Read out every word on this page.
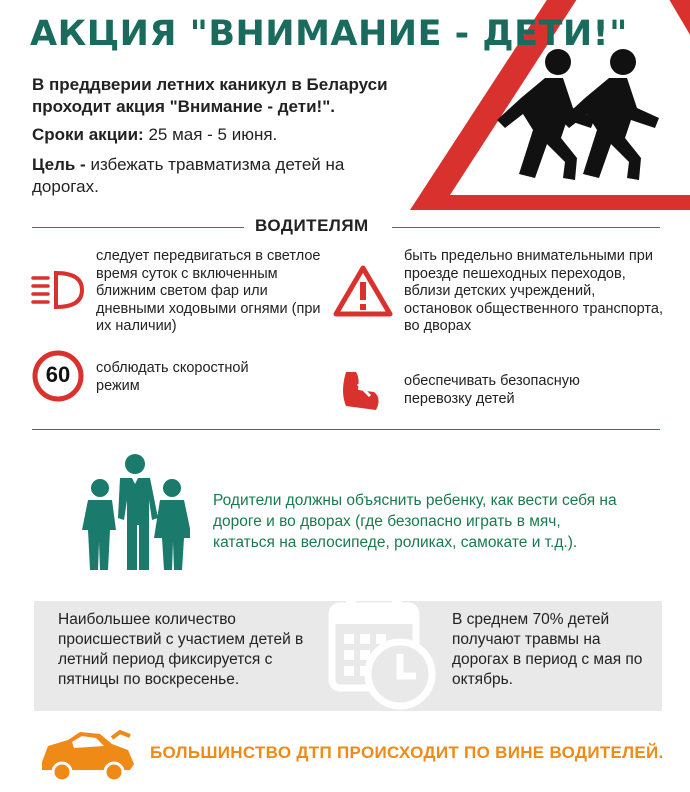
АКЦИЯ "ВНИМАНИЕ - ДЕТИ!"
В преддверии летних каникул в Беларуси проходит акция "Внимание - дети!".
Сроки акции: 25 мая - 5 июня.
Цель - избежать травматизма детей на дорогах.
ВОДИТЕЛЯМ
следует передвигаться в светлое время суток с включенным ближним светом фар или дневными ходовыми огнями (при их наличии)
60	соблюдать скоростной режим
быть предельно внимательными при проезде пешеходных переходов, вблизи детских учреждений, остановок общественного транспорта, во дворах
обеспечивать безопасную перевозку детей
Родители должны объяснить ребенку, как вести себя на дороге и во дворах (где безопасно играть в мяч, кататься на велосипеде, роликах, самокате и т.д.).
Наибольшее количество происшествий с участием детей в летний период фиксируется с пятницы по воскресенье.
В среднем 70% детей получают травмы на дорогах в период с мая по октябрь.
БОЛЬШИНСТВО ДТП ПРОИСХОДИТ ПО ВИНЕ ВОДИТЕЛЕЙ.
